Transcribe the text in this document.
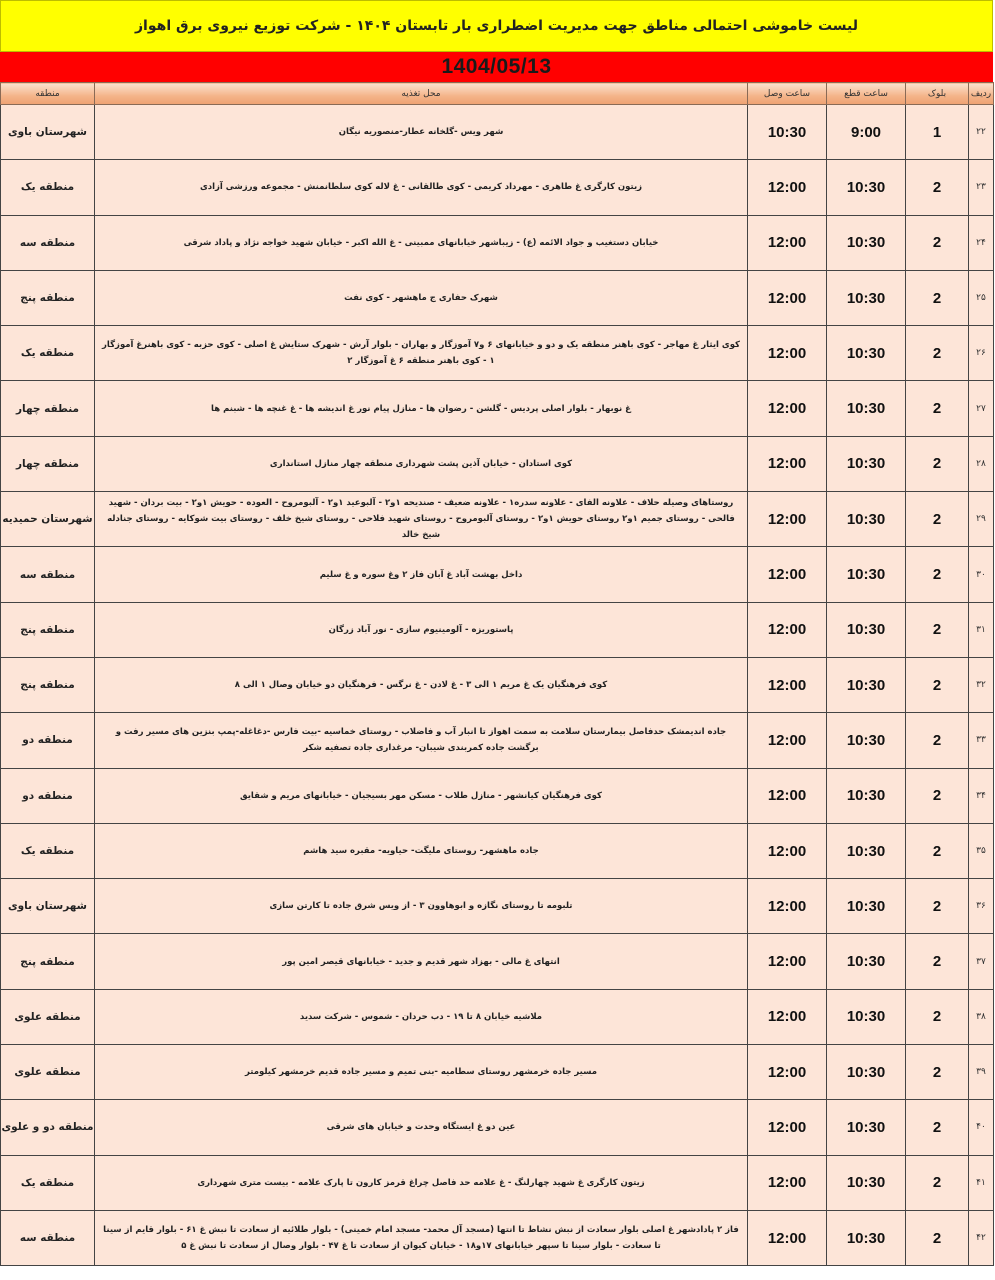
لیست خاموشی احتمالی مناطق جهت مدیریت اضطراری بار تابستان ۱۴۰۴ - شرکت توزیع نیروی برق اهواز
1404/05/13
ردیف	بلوک	ساعت قطع	ساعت وصل	محل تغذیه	منطقه
۲۲	1	9:00	10:30	شهر ویس -گلخانه عطار-منصوریه نیگان	شهرستان باوی
۲۳	2	10:30	12:00	زیتون کارگری غ طاهری - مهرداد کریمی - کوی طالقانی - غ لاله کوی سلطانمنش - مجموعه ورزشی آزادی	منطقه یک
۲۴	2	10:30	12:00	خیابان دستغیب و جواد الائمه (ع) - زیباشهر خیابانهای ممبینی - غ الله اکبر - خیابان شهید خواجه نژاد و پاداد شرقی	منطقه سه
۲۵	2	10:30	12:00	شهرک حفاری ج ماهشهر - کوی نفت	منطقه پنج
۲۶	2	10:30	12:00	کوی ایثار غ مهاجر - کوی باهنر منطقه یک و دو و خیابانهای ۶ و۷ آموزگار و بهاران - بلوار آرش - شهرک ستایش غ اصلی - کوی حزبه - کوی باهنرغ آموزگار ۱ - کوی باهنر منطقه ۶ غ آموزگار ۲	منطقه یک
۲۷	2	10:30	12:00	غ نوبهار - بلوار اصلی پردیس - گلشن - رضوان ها - منازل پیام نور غ اندیشه ها - غ غنچه ها - شبنم ها	منطقه چهار
۲۸	2	10:30	12:00	کوی استادان - خیابان آذین پشت شهرداری منطقه چهار منازل استانداری	منطقه چهار
۲۹	2	10:30	12:00	روستاهای وصیله حلاف - علاونه الفای - علاونه سدره۱ - علاونه ضعیف - صندیحه ۱و۲ - آلبوعید ۱و۲ - آلبومروح - العوده - حویش ۱و۲ - بیت بردان - شهید فالحی - روستای جمیم ۱و۲ روستای حویش ۱و۲ - روستای آلبومروح - روستای شهید فلاحی - روستای شیخ خلف - روستای بیت شوکایه - روستای جنادله شیخ خالد	شهرستان حمیدیه
۳۰	2	10:30	12:00	داخل بهشت آباد غ آبان فاز ۲ وغ سوره و غ سلیم	منطقه سه
۳۱	2	10:30	12:00	پاستوریزه - آلومینیوم سازی - نور آباد زرگان	منطقه پنج
۳۲	2	10:30	12:00	کوی فرهنگیان یک غ مریم ۱ الی ۳ - غ لادن - غ نرگس - فرهنگیان دو خیابان وصال ۱ الی ۸	منطقه پنج
۳۳	2	10:30	12:00	جاده اندیمشک حدفاصل بیمارستان سلامت به سمت اهواز تا انبار آب و فاضلاب - روستای خماسیه -بیت فارس -دغاغله-پمپ بنزین های مسیر رفت و برگشت جاده کمربندی شیبان- مرغداری جاده تصفیه شکر	منطقه دو
۳۴	2	10:30	12:00	کوی فرهنگیان کیانشهر - منازل طلاب - مسکن مهر بسیجیان - خیابانهای مریم و شقایق	منطقه دو
۳۵	2	10:30	12:00	جاده ماهشهر- روستای ملیگت- حیاویه- مقبره سید هاشم	منطقه یک
۳۶	2	10:30	12:00	تلبومه تا روستای نگازه و ابوهاوون ۳ - از ویس شرق جاده تا کارتن سازی	شهرستان باوی
۳۷	2	10:30	12:00	انتهای غ مالی - بهزاد شهر قدیم و جدید - خیابانهای قیصر امین پور	منطقه پنج
۳۸	2	10:30	12:00	ملاشیه خیابان ۸ تا ۱۹ - دب حردان - شموس - شرکت سدید	منطقه علوی
۳۹	2	10:30	12:00	مسیر جاده خرمشهر روستای سطامیه -بنی تمیم و مسیر جاده قدیم خرمشهر کیلومتر	منطقه علوی
۴۰	2	10:30	12:00	عین دو غ ایستگاه وحدت و خیابان های شرقی	منطقه دو و علوی
۴۱	2	10:30	12:00	زیتون کارگری غ شهید چهارلنگ - غ علامه حد فاصل چراغ قرمز کارون تا پارک علامه - بیست متری شهرداری	منطقه یک
۴۲	2	10:30	12:00	فاز ۲ پادادشهر غ اصلی بلوار سعادت از نبش نشاط تا انتها (مسجد آل محمد- مسجد امام خمینی) - بلوار طلائیه از سعادت تا نبش غ ۶۱ - بلوار قایم از سینا تا سعادت - بلوار سینا تا سپهر خیابانهای ۱۷و۱۸ - خیابان کیوان از سعادت تا غ ۴۷ - بلوار وصال از سعادت تا نبش غ ۵	منطقه سه
